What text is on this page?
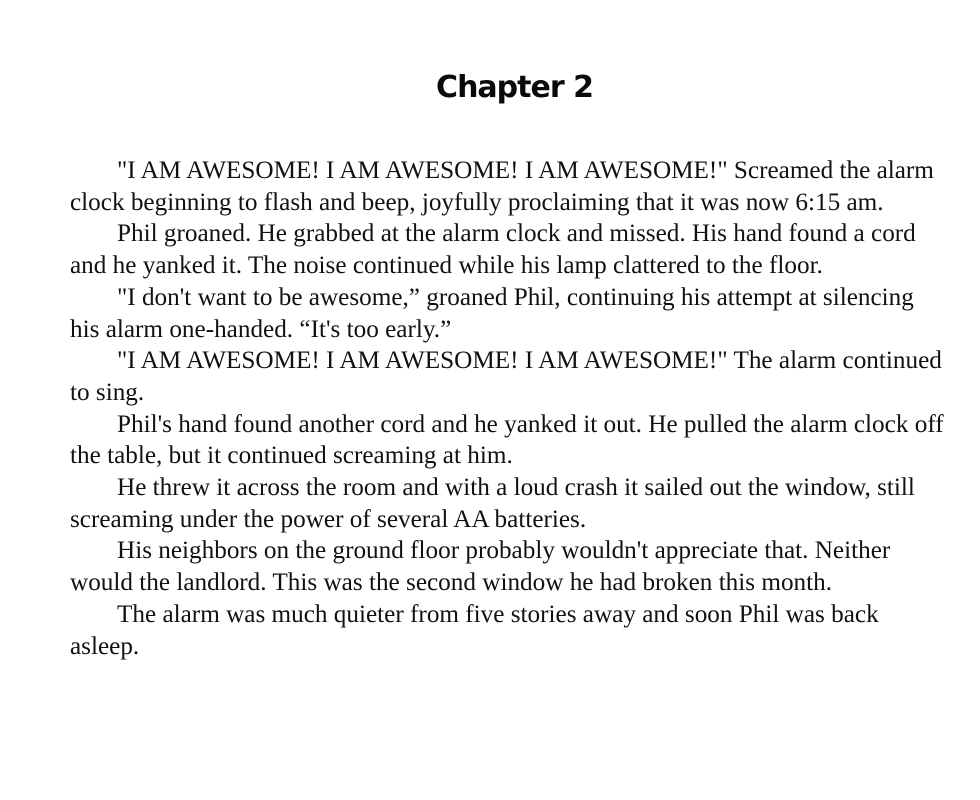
Chapter 2

"I AM AWESOME! I AM AWESOME! I AM AWESOME!" Screamed the alarm clock beginning to flash and beep, joyfully proclaiming that it was now 6:15 am.

Phil groaned. He grabbed at the alarm clock and missed. His hand found a cord and he yanked it. The noise continued while his lamp clattered to the floor.

"I don't want to be awesome,” groaned Phil, continuing his attempt at silencing his alarm one-handed. “It's too early.”

"I AM AWESOME! I AM AWESOME! I AM AWESOME!" The alarm continued to sing.

Phil's hand found another cord and he yanked it out. He pulled the alarm clock off the table, but it continued screaming at him.

He threw it across the room and with a loud crash it sailed out the window, still screaming under the power of several AA batteries.

His neighbors on the ground floor probably wouldn't appreciate that. Neither would the landlord. This was the second window he had broken this month.

The alarm was much quieter from five stories away and soon Phil was back asleep.
